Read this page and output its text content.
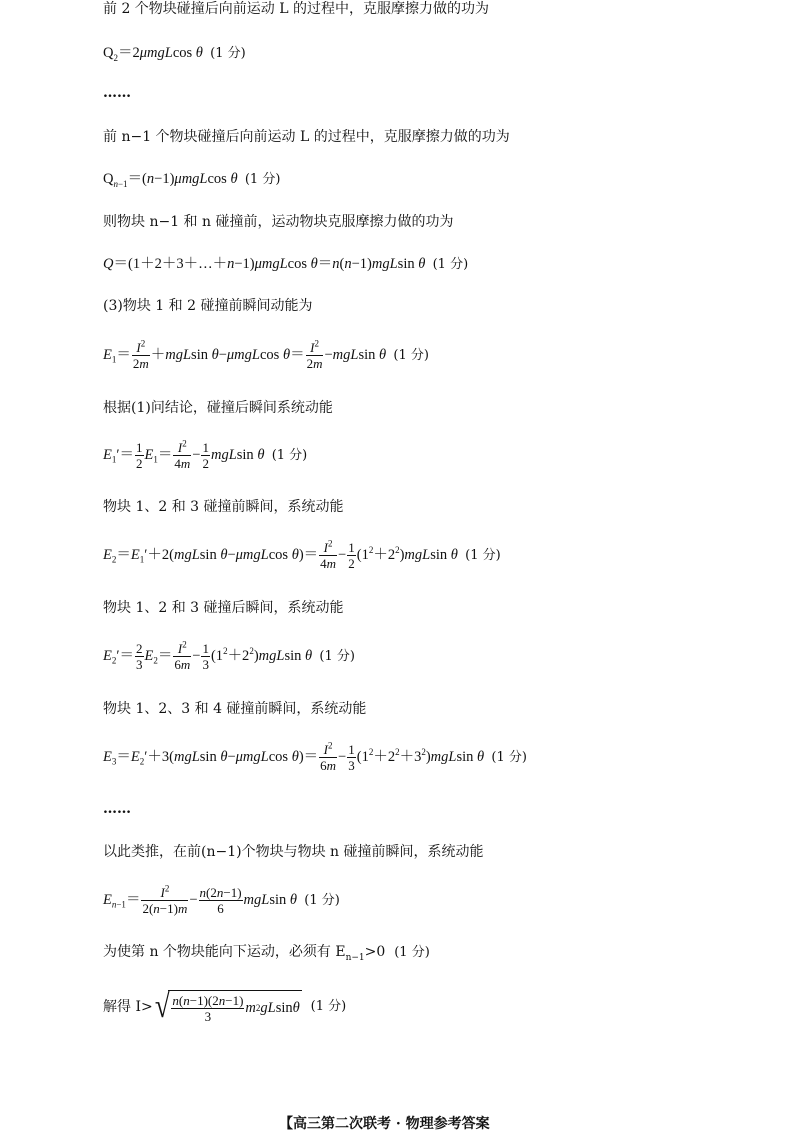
前 2 个物块碰撞后向前运动 L 的过程中，克服摩擦力做的功为
$Q_2=2\mu mgLcos$ θ (1 分)
……
前 n−1 个物块碰撞后向前运动 L 的过程中，克服摩擦力做的功为
$Q_{n-1}=(n-1)\mu mgLcos$ θ (1 分)
则物块 n−1 和 n 碰撞前，运动物块克服摩擦力做的功为
Q＝(1＋2＋3＋…＋n−1)μmgLcos θ＝n(n−1)mgLsin θ (1 分)
(3)物块 1 和 2 碰撞前瞬间动能为
$E_1= \frac{I^2}{2m} +mgLsin$ θ−μmgLcos $\theta= \frac{I^2}{2m} -mgLsin$ θ (1 分)
根据(1)问结论，碰撞后瞬间系统动能
$E_1'= \frac{1}{2} E_1= \frac{I^2}{4m} - \frac{1}{2}$ mgLsin θ (1 分)
物块 1、2 和 3 碰撞前瞬间，系统动能
$E_2=E_1'+2(mgLsin$ θ−μmgLcos $\theta)= \frac{I^2}{4m} - \frac{1}{2} (1^2+2^2)mgLsin$ θ (1 分)
物块 1、2 和 3 碰撞后瞬间，系统动能
$E_2'= \frac{2}{3} E_2= \frac{I^2}{6m} - \frac{1}{3} (1^2+2^2)mgLsin$ θ (1 分)
物块 1、2、3 和 4 碰撞前瞬间，系统动能
$E_3=E_2'+3(mgLsin$ θ−μmgLcos $\theta)= \frac{I^2}{6m} - \frac{1}{3} (1^2+2^2+3^2)mgLsin$ θ (1 分)
……
以此类推，在前(n−1)个物块与物块 n 碰撞前瞬间，系统动能
$E_{n-1}= \frac{I^2}{2(n-1)m} - \frac{n(2n-1)}{6}$ mgLsin θ (1 分)
为使第 n 个物块能向下运动，必须有 $E_{n-1}>0$ (1 分)
解得 I> √ $\frac{n(n-1)(2n-1)}{3}$ m 2 gL sin θ (1 分)
【高三第二次联考 · 物理参考答案
